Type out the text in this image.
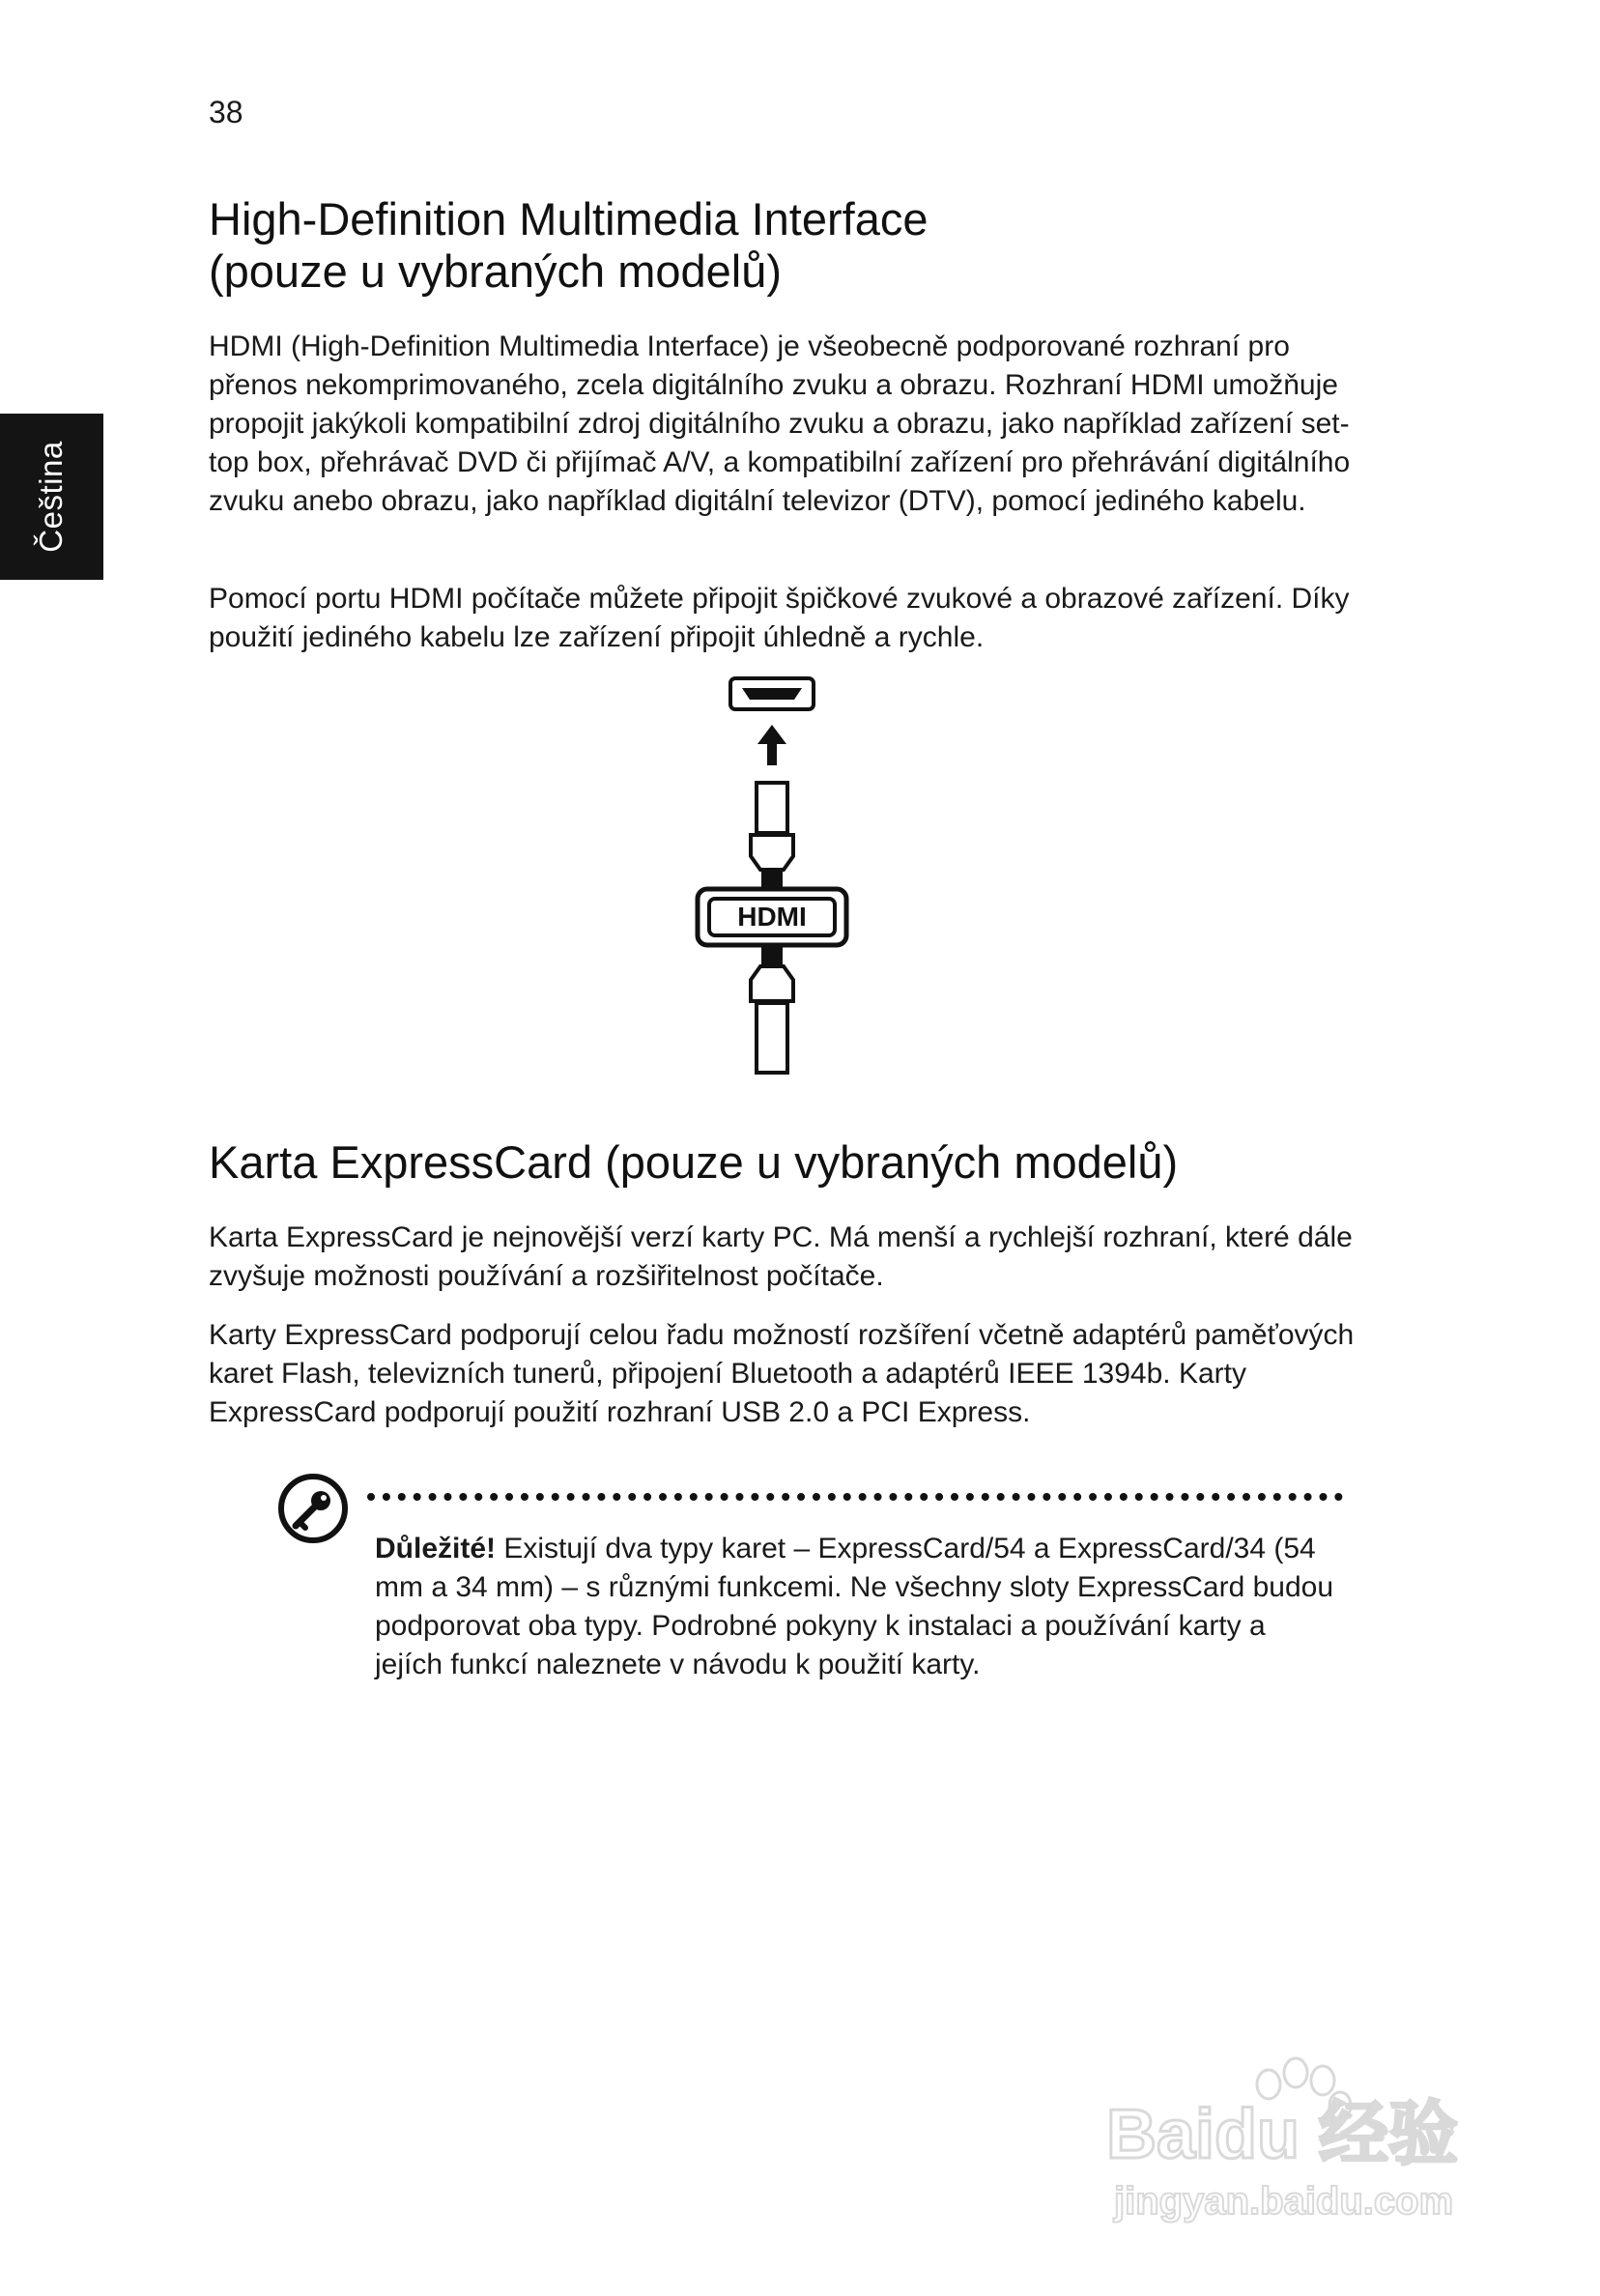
38
Čeština
High-Definition Multimedia Interface
(pouze u vybraných modelů)

HDMI (High-Definition Multimedia Interface) je všeobecně podporované rozhraní pro přenos nekomprimovaného, zcela digitálního zvuku a obrazu. Rozhraní HDMI umožňuje propojit jakýkoli kompatibilní zdroj digitálního zvuku a obrazu, jako například zařízení set-top box, přehrávač DVD či přijímač A/V, a kompatibilní zařízení pro přehrávání digitálního zvuku anebo obrazu, jako například digitální televizor (DTV), pomocí jediného kabelu.

Pomocí portu HDMI počítače můžete připojit špičkové zvukové a obrazové zařízení. Díky použití jediného kabelu lze zařízení připojit úhledně a rychle.

HDMI
Karta ExpressCard (pouze u vybraných modelů)

Karta ExpressCard je nejnovější verzí karty PC. Má menší a rychlejší rozhraní, které dále zvyšuje možnosti používání a rozšiřitelnost počítače.

Karty ExpressCard podporují celou řadu možností rozšíření včetně adaptérů paměťových karet Flash, televizních tunerů, připojení Bluetooth a adaptérů IEEE 1394b. Karty ExpressCard podporují použití rozhraní USB 2.0 a PCI Express.

Důležité! Existují dva typy karet – ExpressCard/54 a ExpressCard/34 (54 mm a 34 mm) – s různými funkcemi. Ne všechny sloty ExpressCard budou podporovat oba typy. Podrobné pokyny k instalaci a používání karty a jejích funkcí naleznete v návodu k použití karty.

Baidu 经验
jingyan.baidu.com
